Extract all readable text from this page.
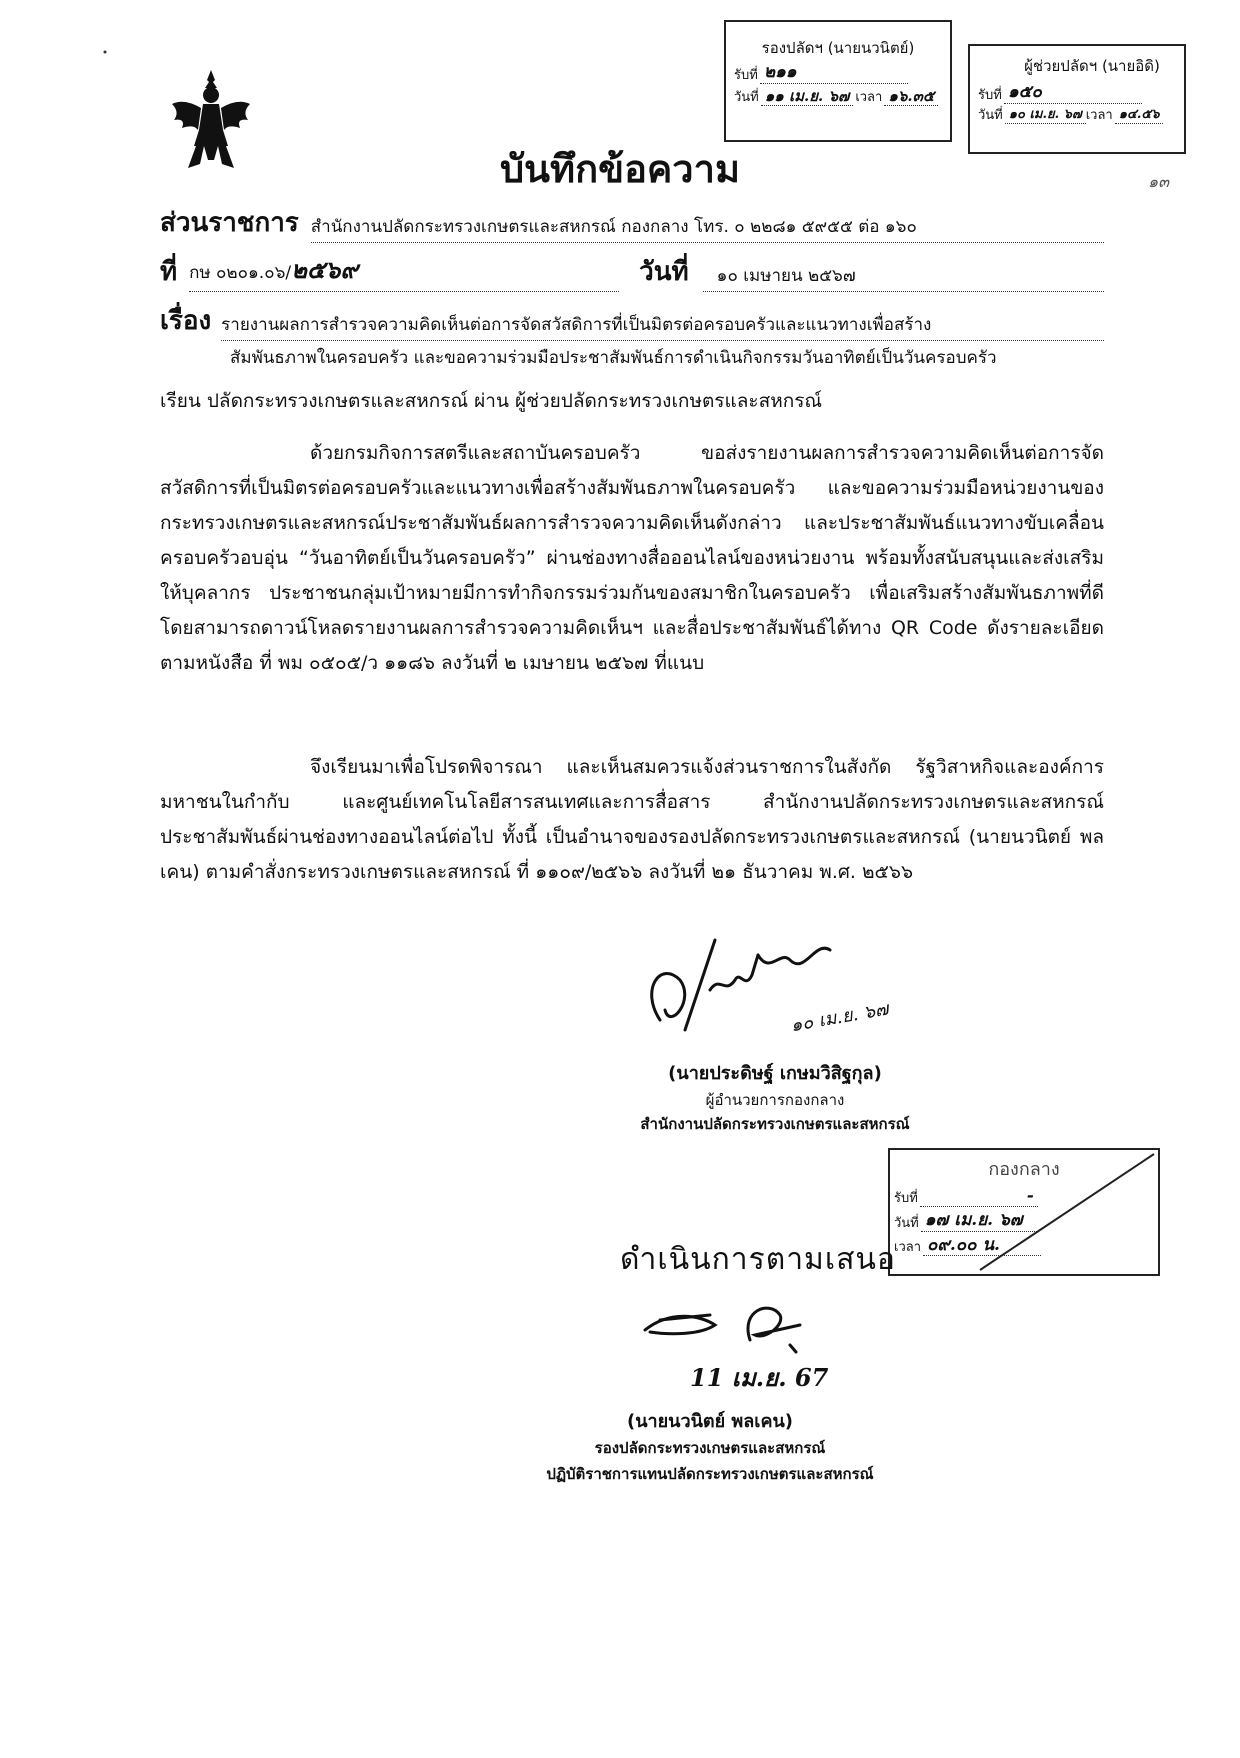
รองปลัดฯ (นายนวนิตย์)
รับที่ ๒๑๑
วันที่ ๑๑ เม.ย. ๖๗ เวลา ๑๖.๓๕
ผู้ช่วยปลัดฯ (นายอิดิ)
รับที่ ๑๕๐
วันที่ ๑๐ เม.ย. ๖๗ เวลา ๑๔.๕๖
๑๓
บันทึกข้อความ
ส่วนราชการ สำนักงานปลัดกระทรวงเกษตรและสหกรณ์ กองกลาง โทร. ๐ ๒๒๘๑ ๕๙๕๕ ต่อ ๑๖๐
ที่ กษ ๐๒๐๑.๐๖/๒๕๖๙	วันที่	๑๐ เมษายน ๒๕๖๗
เรื่อง รายงานผลการสำรวจความคิดเห็นต่อการจัดสวัสดิการที่เป็นมิตรต่อครอบครัวและแนวทางเพื่อสร้าง
สัมพันธภาพในครอบครัว และขอความร่วมมือประชาสัมพันธ์การดำเนินกิจกรรมวันอาทิตย์เป็นวันครอบครัว
เรียน ปลัดกระทรวงเกษตรและสหกรณ์ ผ่าน ผู้ช่วยปลัดกระทรวงเกษตรและสหกรณ์
ด้วยกรมกิจการสตรีและสถาบันครอบครัว ขอส่งรายงานผลการสำรวจความคิดเห็นต่อการจัดสวัสดิการที่เป็นมิตรต่อครอบครัวและแนวทางเพื่อสร้างสัมพันธภาพในครอบครัว และขอความร่วมมือหน่วยงานของกระทรวงเกษตรและสหกรณ์ประชาสัมพันธ์ผลการสำรวจความคิดเห็นดังกล่าว และประชาสัมพันธ์แนวทางขับเคลื่อนครอบครัวอบอุ่น “วันอาทิตย์เป็นวันครอบครัว” ผ่านช่องทางสื่อออนไลน์ของหน่วยงาน พร้อมทั้งสนับสนุนและส่งเสริมให้บุคลากร ประชาชนกลุ่มเป้าหมายมีการทำกิจกรรมร่วมกันของสมาชิกในครอบครัว เพื่อเสริมสร้างสัมพันธภาพที่ดี โดยสามารถดาวน์โหลดรายงานผลการสำรวจความคิดเห็นฯ และสื่อประชาสัมพันธ์ได้ทาง QR Code ดังรายละเอียดตามหนังสือ ที่ พม ๐๕๐๕/ว ๑๑๘๖ ลงวันที่ ๒ เมษายน ๒๕๖๗ ที่แนบ
จึงเรียนมาเพื่อโปรดพิจารณา และเห็นสมควรแจ้งส่วนราชการในสังกัด รัฐวิสาหกิจและองค์การมหาชนในกำกับ และศูนย์เทคโนโลยีสารสนเทศและการสื่อสาร สำนักงานปลัดกระทรวงเกษตรและสหกรณ์ประชาสัมพันธ์ผ่านช่องทางออนไลน์ต่อไป ทั้งนี้ เป็นอำนาจของรองปลัดกระทรวงเกษตรและสหกรณ์ (นายนวนิตย์ พลเคน) ตามคำสั่งกระทรวงเกษตรและสหกรณ์ ที่ ๑๑๐๙/๒๕๖๖ ลงวันที่ ๒๑ ธันวาคม พ.ศ. ๒๕๖๖
๑๐ เม.ย. ๖๗
(นายประดิษฐ์ เกษมวิสิฐกุล)
ผู้อำนวยการกองกลาง
สำนักงานปลัดกระทรวงเกษตรและสหกรณ์
กองกลาง
รับที่	-
วันที่ ๑๗ เม.ย. ๖๗
เวลา ๐๙.๐๐ น.
ดำเนินการตามเสนอ
11 เม.ย. 67
(นายนวนิตย์ พลเคน)
รองปลัดกระทรวงเกษตรและสหกรณ์
ปฏิบัติราชการแทนปลัดกระทรวงเกษตรและสหกรณ์
